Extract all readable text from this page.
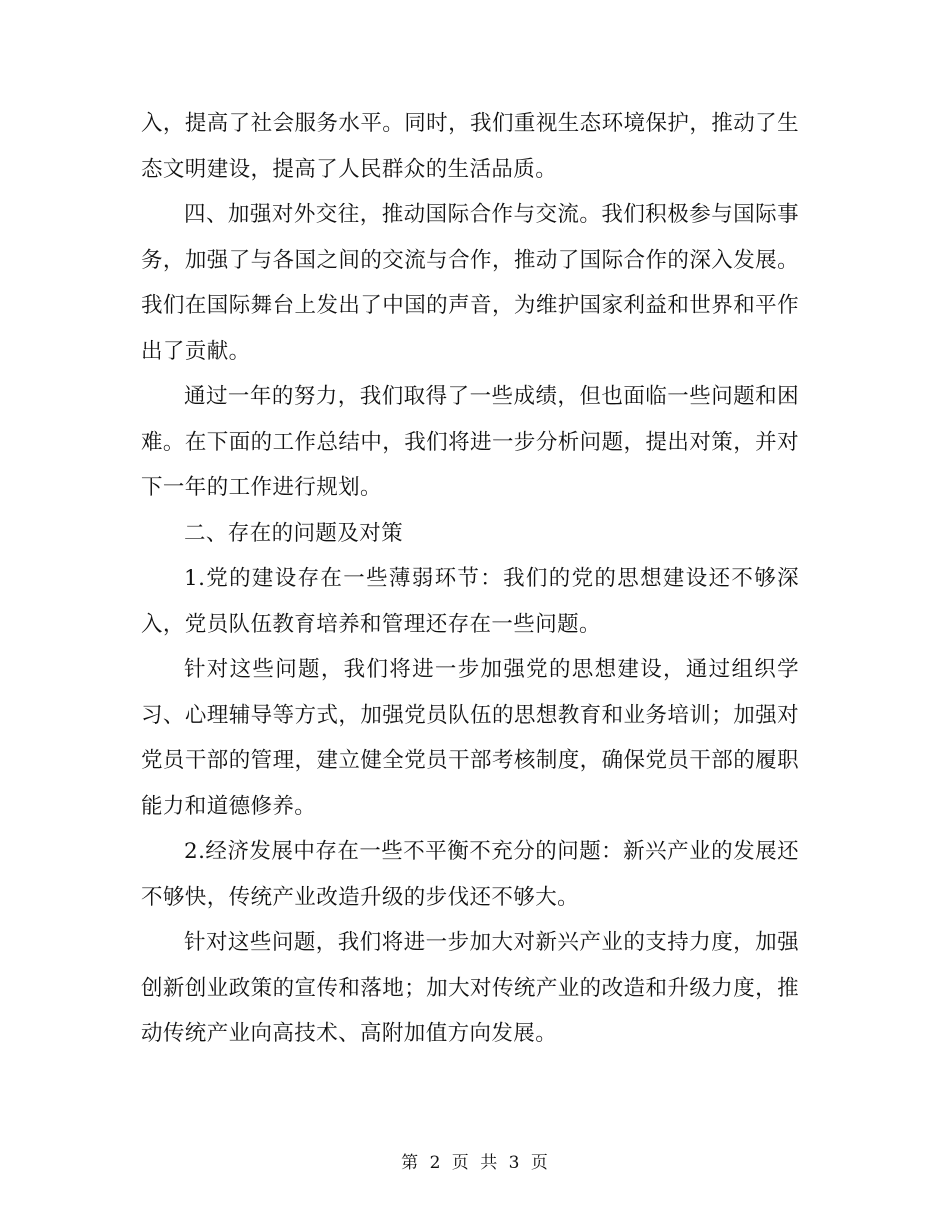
入，提高了社会服务水平。同时，我们重视生态环境保护，推动了生态文明建设，提高了人民群众的生活品质。

四、加强对外交往，推动国际合作与交流。我们积极参与国际事务，加强了与各国之间的交流与合作，推动了国际合作的深入发展。我们在国际舞台上发出了中国的声音，为维护国家利益和世界和平作出了贡献。

通过一年的努力，我们取得了一些成绩，但也面临一些问题和困难。在下面的工作总结中，我们将进一步分析问题，提出对策，并对下一年的工作进行规划。

二、存在的问题及对策

1.党的建设存在一些薄弱环节：我们的党的思想建设还不够深入，党员队伍教育培养和管理还存在一些问题。

针对这些问题，我们将进一步加强党的思想建设，通过组织学习、心理辅导等方式，加强党员队伍的思想教育和业务培训；加强对党员干部的管理，建立健全党员干部考核制度，确保党员干部的履职能力和道德修养。

2.经济发展中存在一些不平衡不充分的问题：新兴产业的发展还不够快，传统产业改造升级的步伐还不够大。

针对这些问题，我们将进一步加大对新兴产业的支持力度，加强创新创业政策的宣传和落地；加大对传统产业的改造和升级力度，推动传统产业向高技术、高附加值方向发展。

第 2 页 共 3 页
